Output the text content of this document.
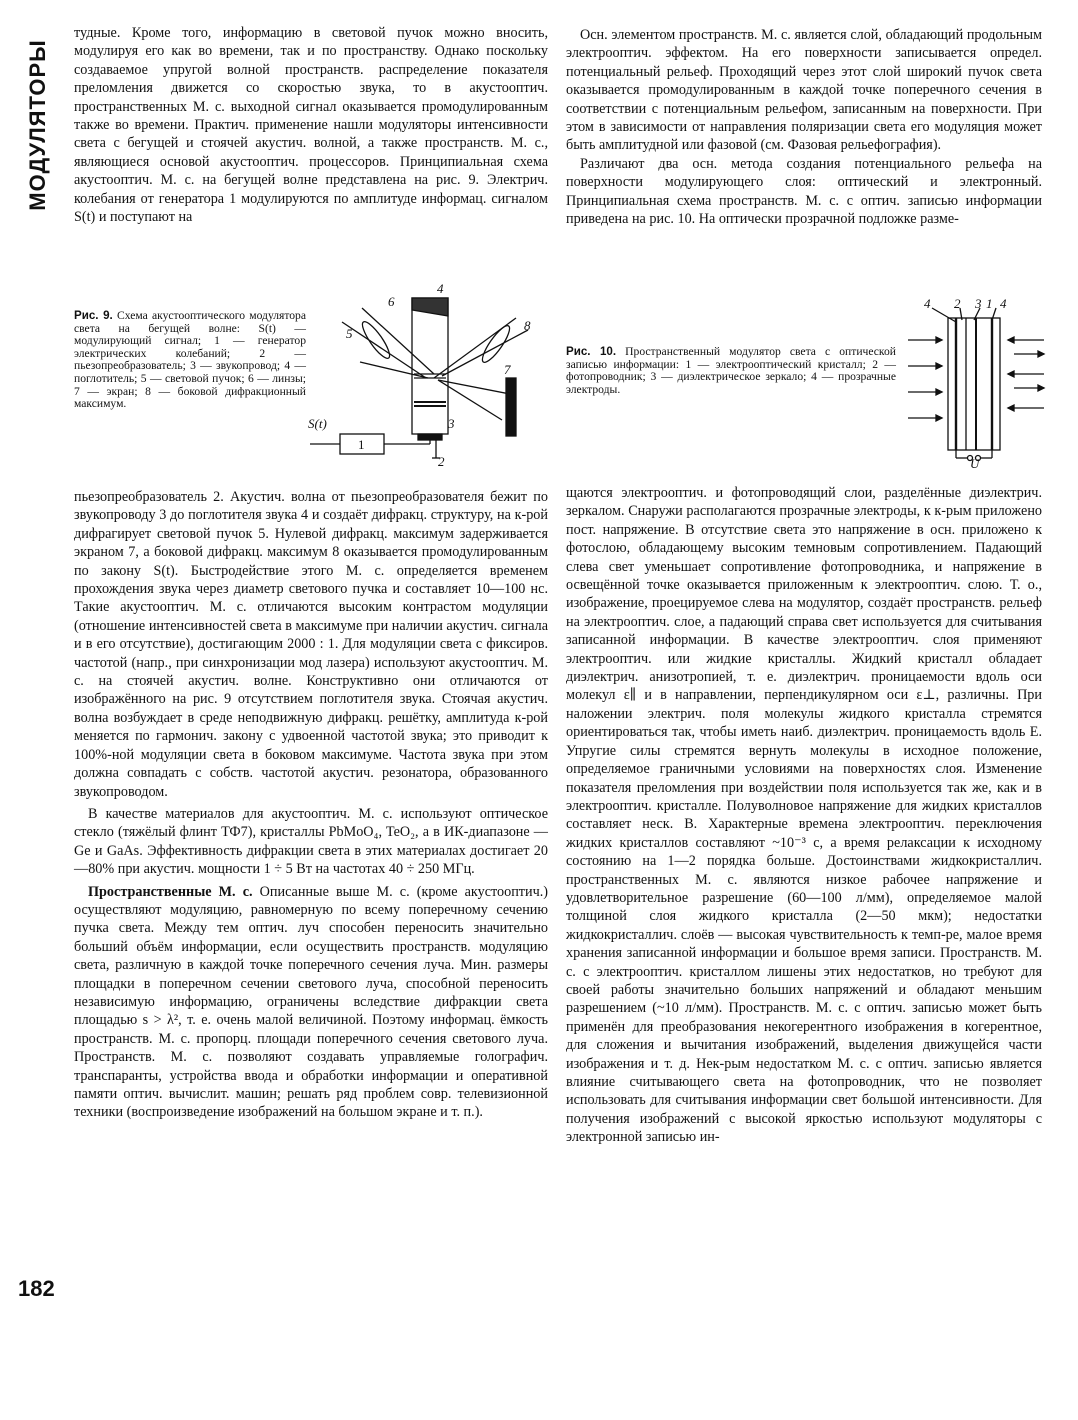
МОДУЛЯТОРЫ
182

тудные. Кроме того, информацию в световой пучок можно вносить, модулируя его как во времени, так и по пространству. Однако поскольку создаваемое упругой волной пространств. распределение показателя преломления движется со скоростью звука, то в акустооптич. пространственных М. с. выходной сигнал оказывается промодулированным также во времени. Практич. применение нашли модуляторы интенсивности света с бегущей и стоячей акустич. волной, а также пространств. М. с., являющиеся основой акустооптич. процессоров. Принципиальная схема акустооптич. М. с. на бегущей волне представлена на рис. 9. Электрич. колебания от генератора 1 модулируются по амплитуде информац. сигналом S(t) и поступают на

Рис. 9. Схема акустооптического модулятора света на бегущей волне: S(t) — модулирующий сигнал; 1 — генератор электрических колебаний; 2 — пьезопреобразователь; 3 — звукопровод; 4 — поглотитель; 5 — световой пучок; 6 — линзы; 7 — экран; 8 — боковой дифракционный максимум.
4
6
5
8
7
3
2
1
S(t)

пьезопреобразователь 2. Акустич. волна от пьезопреобразователя бежит по звукопроводу 3 до поглотителя звука 4 и создаёт дифракц. структуру, на к-рой дифрагирует световой пучок 5. Нулевой дифракц. максимум задерживается экраном 7, а боковой дифракц. максимум 8 оказывается промодулированным по закону S(t). Быстродействие этого М. с. определяется временем прохождения звука через диаметр светового пучка и составляет 10—100 нс. Такие акустооптич. М. с. отличаются высоким контрастом модуляции (отношение интенсивностей света в максимуме при наличии акустич. сигнала и в его отсутствие), достигающим 2000 : 1. Для модуляции света с фиксиров. частотой (напр., при синхронизации мод лазера) используют акустооптич. М. с. на стоячей акустич. волне. Конструктивно они отличаются от изображённого на рис. 9 отсутствием поглотителя звука. Стоячая акустич. волна возбуждает в среде неподвижную дифракц. решётку, амплитуда к-рой меняется по гармонич. закону с удвоенной частотой звука; это приводит к 100%-ной модуляции света в боковом максимуме. Частота звука при этом должна совпадать с собств. частотой акустич. резонатора, образованного звукопроводом.

В качестве материалов для акустооптич. М. с. используют оптическое стекло (тяжёлый флинт ТФ7), кристаллы PbMoO₄, TeO₂, а в ИК-диапазоне — Ge и GaAs. Эффективность дифракции света в этих материалах достигает 20—80% при акустич. мощности 1 ÷ 5 Вт на частотах 40 ÷ 250 МГц.

Пространственные М. с. Описанные выше М. с. (кроме акустооптич.) осуществляют модуляцию, равномерную по всему поперечному сечению пучка света. Между тем оптич. луч способен переносить значительно больший объём информации, если осуществить пространств. модуляцию света, различную в каждой точке поперечного сечения луча. Мин. размеры площадки в поперечном сечении светового луча, способной переносить независимую информацию, ограничены вследствие дифракции света площадью s > λ², т. е. очень малой величиной. Поэтому информац. ёмкость пространств. М. с. пропорц. площади поперечного сечения светового луча. Пространств. М. с. позволяют создавать управляемые голографич. транспаранты, устройства ввода и обработки информации и оперативной памяти оптич. вычислит. машин; решать ряд проблем совр. телевизионной техники (воспроизведение изображений на большом экране и т. п.).

Осн. элементом пространств. М. с. является слой, обладающий продольным электрооптич. эффектом. На его поверхности записывается определ. потенциальный рельеф. Проходящий через этот слой широкий пучок света оказывается промодулированным в каждой точке поперечного сечения в соответствии с потенциальным рельефом, записанным на поверхности. При этом в зависимости от направления поляризации света его модуляция может быть амплитудной или фазовой (см. Фазовая рельефография).

Различают два осн. метода создания потенциального рельефа на поверхности модулирующего слоя: оптический и электронный. Принципиальная схема пространств. М. с. с оптич. записью информации приведена на рис. 10. На оптически прозрачной подложке разме-

Рис. 10. Пространственный модулятор света с оптической записью информации: 1 — электрооптический кристалл; 2 — фотопроводник; 3 — диэлектрическое зеркало; 4 — прозрачные электроды.
4 2 3 1 4
U

щаются электрооптич. и фотопроводящий слои, разделённые диэлектрич. зеркалом. Снаружи располагаются прозрачные электроды, к к-рым приложено пост. напряжение. В отсутствие света это напряжение в осн. приложено к фотослою, обладающему высоким темновым сопротивлением. Падающий слева свет уменьшает сопротивление фотопроводника, и напряжение в освещённой точке оказывается приложенным к электрооптич. слою. Т. о., изображение, проецируемое слева на модулятор, создаёт пространств. рельеф на электрооптич. слое, а падающий справа свет используется для считывания записанной информации. В качестве электрооптич. слоя применяют электрооптич. или жидкие кристаллы. Жидкий кристалл обладает диэлектрич. анизотропией, т. е. диэлектрич. проницаемости вдоль оси молекул ε∥ и в направлении, перпендикулярном оси ε⊥, различны. При наложении электрич. поля молекулы жидкого кристалла стремятся ориентироваться так, чтобы иметь наиб. диэлектрич. проницаемость вдоль E. Упругие силы стремятся вернуть молекулы в исходное положение, определяемое граничными условиями на поверхностях слоя. Изменение показателя преломления при воздействии поля используется так же, как и в электрооптич. кристалле. Полуволновое напряжение для жидких кристаллов составляет неск. В. Характерные времена электрооптич. переключения жидких кристаллов составляют ~10⁻³ с, а время релаксации к исходному состоянию на 1—2 порядка больше. Достоинствами жидкокристаллич. пространственных М. с. являются низкое рабочее напряжение и удовлетворительное разрешение (60—100 л/мм), определяемое малой толщиной слоя жидкого кристалла (2—50 мкм); недостатки жидкокристаллич. слоёв — высокая чувствительность к темп-ре, малое время хранения записанной информации и большое время записи. Пространств. М. с. с электрооптич. кристаллом лишены этих недостатков, но требуют для своей работы значительно больших напряжений и обладают меньшим разрешением (~10 л/мм). Пространств. М. с. с оптич. записью может быть применён для преобразования некогерентного изображения в когерентное, для сложения и вычитания изображений, выделения движущейся части изображения и т. д. Нек-рым недостатком М. с. с оптич. записью является влияние считывающего света на фотопроводник, что не позволяет использовать для считывания информации свет большой интенсивности. Для получения изображений с высокой яркостью используют модуляторы с электронной записью ин-
